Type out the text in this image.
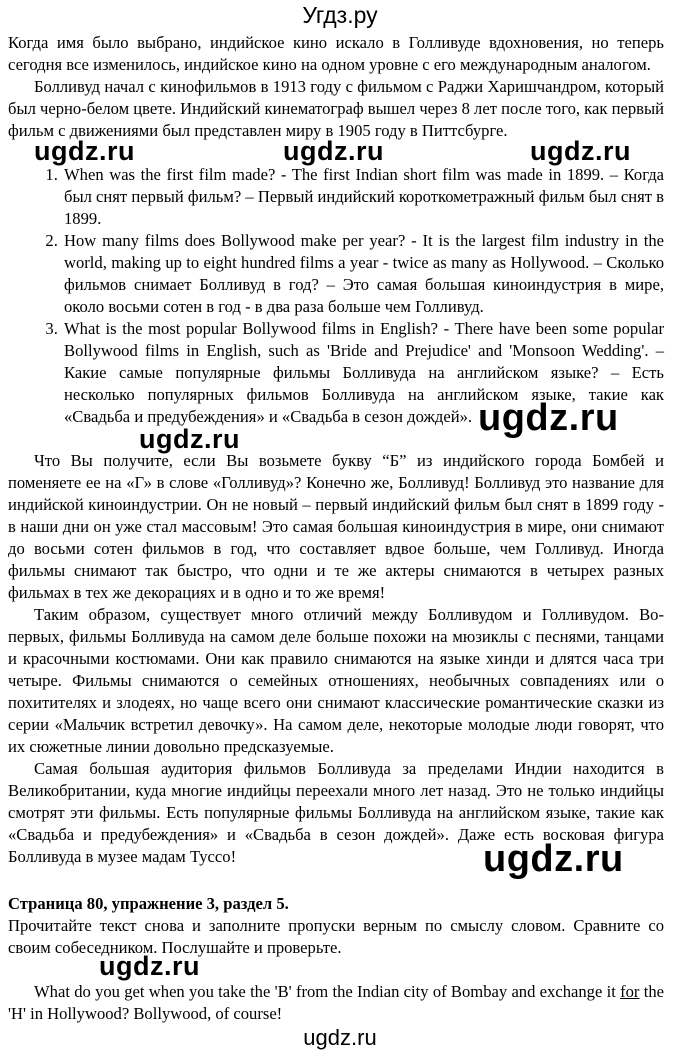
Угдз.ру

Когда имя было выбрано, индийское кино искало в Голливуде вдохновения, но теперь сегодня все изменилось, индийское кино на одном уровне с его международным аналогом.

Болливуд начал с кинофильмов в 1913 году с фильмом с Раджи Харишчандром, который был черно-белом цвете. Индийский кинематограф вышел через 8 лет после того, как первый фильм с движениями был представлен миру в 1905 году в Питтсбурге.

1. When was the first film made? - The first Indian short film was made in 1899. – Когда был снят первый фильм? – Первый индийский короткометражный фильм был снят в 1899.
2. How many films does Bollywood make per year? - It is the largest film industry in the world, making up to eight hundred films a year - twice as many as Hollywood. – Сколько фильмов снимает Болливуд в год? – Это самая большая киноиндустрия в мире, около восьми сотен в год - в два раза больше чем Голливуд.
3. What is the most popular Bollywood films in English? - There have been some popular Bollywood films in English, such as 'Bride and Prejudice' and 'Monsoon Wedding'. – Какие самые популярные фильмы Болливуда на английском языке? – Есть несколько популярных фильмов Болливуда на английском языке, такие как «Свадьба и предубеждения» и «Свадьба в сезон дождей».

Что Вы получите, если Вы возьмете букву “Б” из индийского города Бомбей и поменяете ее на «Г» в слове «Голливуд»? Конечно же, Болливуд! Болливуд это название для индийской киноиндустрии. Он не новый – первый индийский фильм был снят в 1899 году - в наши дни он уже стал массовым! Это самая большая киноиндустрия в мире, они снимают до восьми сотен фильмов в год, что составляет вдвое больше, чем Голливуд. Иногда фильмы снимают так быстро, что одни и те же актеры снимаются в четырех разных фильмах в тех же декорациях и в одно и то же время!

Таким образом, существует много отличий между Болливудом и Голливудом. Во-первых, фильмы Болливуда на самом деле больше похожи на мюзиклы с песнями, танцами и красочными костюмами. Они как правило снимаются на языке хинди и длятся часа три четыре. Фильмы снимаются о семейных отношениях, необычных совпадениях или о похитителях и злодеях, но чаще всего они снимают классические романтические сказки из серии «Мальчик встретил девочку». На самом деле, некоторые молодые люди говорят, что их сюжетные линии довольно предсказуемые.

Самая большая аудитория фильмов Болливуда за пределами Индии находится в Великобритании, куда многие индийцы переехали много лет назад. Это не только индийцы смотрят эти фильмы. Есть популярные фильмы Болливуда на английском языке, такие как «Свадьба и предубеждения» и «Свадьба в сезон дождей». Даже есть восковая фигура Болливуда в музее мадам Туссо!

Страница 80, упражнение 3, раздел 5.

Прочитайте текст снова и заполните пропуски верным по смыслу словом. Сравните со своим собеседником. Послушайте и проверьте.

What do you get when you take the 'B' from the Indian city of Bombay and exchange it for the 'H' in Hollywood? Bollywood, of course!

ugdz.ru	ugdz.ru	ugdz.ru
ugdz.ru
ugdz.ru
ugdz.ru
ugdz.ru
ugdz.ru
